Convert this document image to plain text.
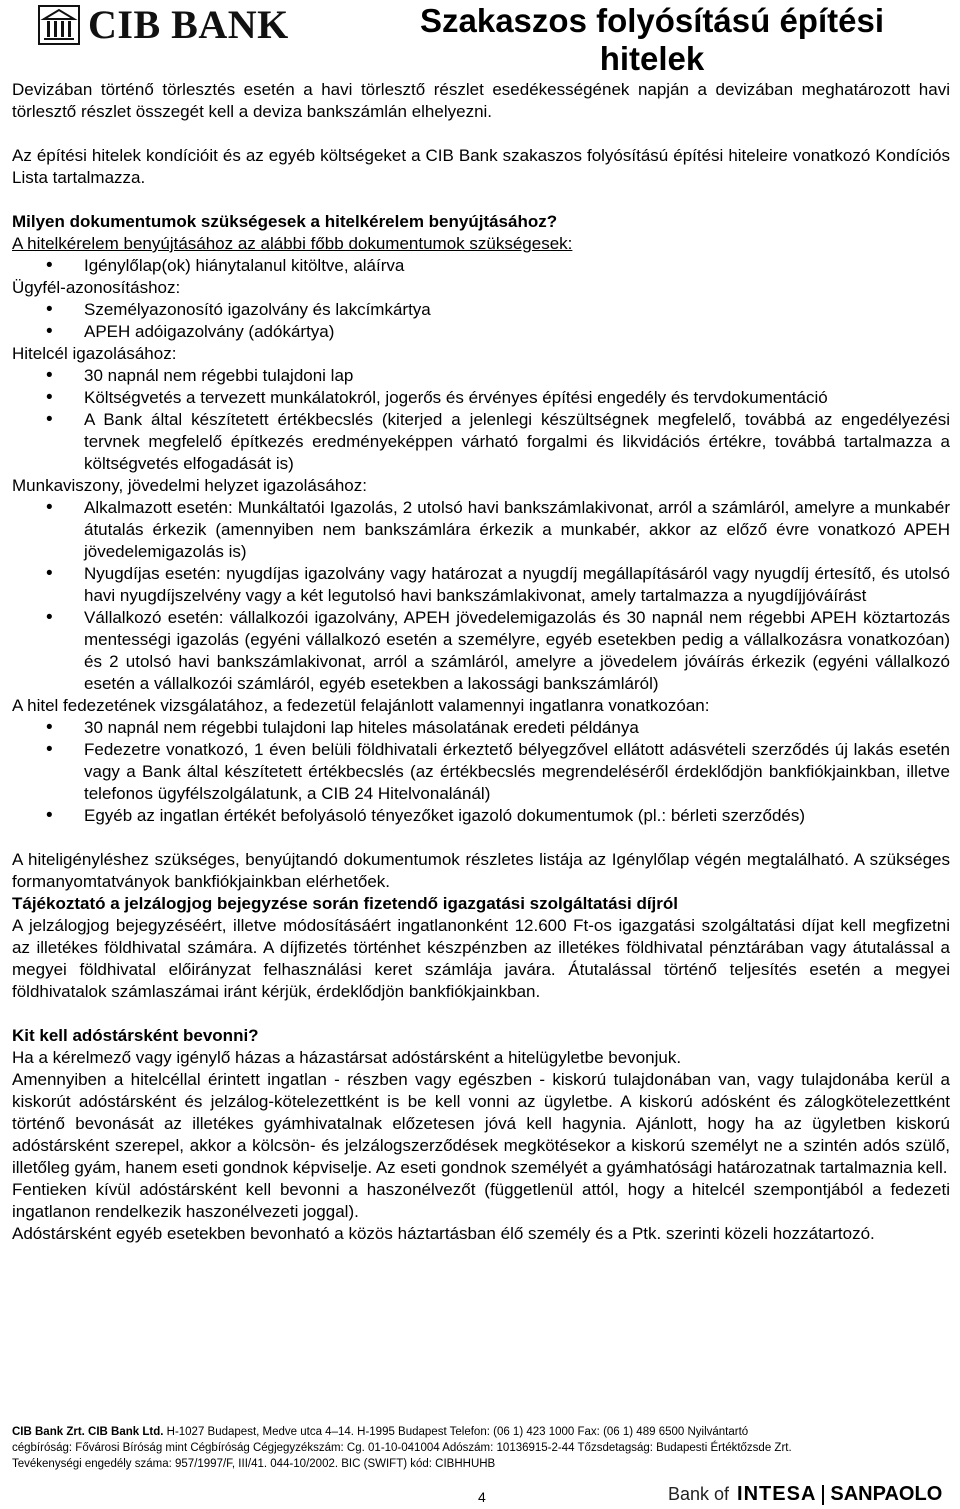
CIB BANK	Szakaszos folyósítású építési
hitelek

Devizában történő törlesztés esetén a havi törlesztő részlet esedékességének napján a devizában meghatározott havi törlesztő részlet összegét kell a deviza bankszámlán elhelyezni.

Az építési hitelek kondícióit és az egyéb költségeket a CIB Bank szakaszos folyósítású építési hiteleire vonatkozó Kondíciós Lista tartalmazza.

Milyen dokumentumok szükségesek a hitelkérelem benyújtásához?

A hitelkérelem benyújtásához az alábbi főbb dokumentumok szükségesek:

• Igénylőlap(ok) hiánytalanul kitöltve, aláírva

Ügyfél-azonosításhoz:

• Személyazonosító igazolvány és lakcímkártya
• APEH adóigazolvány (adókártya)

Hitelcél igazolásához:

• 30 napnál nem régebbi tulajdoni lap
• Költségvetés a tervezett munkálatokról, jogerős és érvényes építési engedély és tervdokumentáció
• A Bank által készítetett értékbecslés (kiterjed a jelenlegi készültségnek megfelelő, továbbá az engedélyezési tervnek megfelelő építkezés eredményeképpen várható forgalmi és likvidációs értékre, továbbá tartalmazza a költségvetés elfogadását is)

Munkaviszony, jövedelmi helyzet igazolásához:

• Alkalmazott esetén: Munkáltatói Igazolás, 2 utolsó havi bankszámlakivonat, arról a számláról, amelyre a munkabér átutalás érkezik (amennyiben nem bankszámlára érkezik a munkabér, akkor az előző évre vonatkozó APEH jövedelemigazolás is)
• Nyugdíjas esetén: nyugdíjas igazolvány vagy határozat a nyugdíj megállapításáról vagy nyugdíj értesítő, és utolsó havi nyugdíjszelvény vagy a két legutolsó havi bankszámlakivonat, amely tartalmazza a nyugdíjjóváírást
• Vállalkozó esetén: vállalkozói igazolvány, APEH jövedelemigazolás és 30 napnál nem régebbi APEH köztartozás mentességi igazolás (egyéni vállalkozó esetén a személyre, egyéb esetekben pedig a vállalkozásra vonatkozóan) és 2 utolsó havi bankszámlakivonat, arról a számláról, amelyre a jövedelem jóváírás érkezik (egyéni vállalkozó esetén a vállalkozói számláról, egyéb esetekben a lakossági bankszámláról)

A hitel fedezetének vizsgálatához, a fedezetül felajánlott valamennyi ingatlanra vonatkozóan:

• 30 napnál nem régebbi tulajdoni lap hiteles másolatának eredeti példánya
• Fedezetre vonatkozó, 1 éven belüli földhivatali érkeztető bélyegzővel ellátott adásvételi szerződés új lakás esetén vagy a Bank által készítetett értékbecslés (az értékbecslés megrendeléséről érdeklődjön bankfiókjainkban, illetve telefonos ügyfélszolgálatunk, a CIB 24 Hitelvonalánál)
• Egyéb az ingatlan értékét befolyásoló tényezőket igazoló dokumentumok (pl.: bérleti szerződés)

A hiteligényléshez szükséges, benyújtandó dokumentumok részletes listája az Igénylőlap végén megtalálható. A szükséges formanyomtatványok bankfiókjainkban elérhetőek.

Tájékoztató a jelzálogjog bejegyzése során fizetendő igazgatási szolgáltatási díjról

A jelzálogjog bejegyzéséért, illetve módosításáért ingatlanonként 12.600 Ft-os igazgatási szolgáltatási díjat kell megfizetni az illetékes földhivatal számára. A díjfizetés történhet készpénzben az illetékes földhivatal pénztárában vagy átutalással a megyei földhivatal előirányzat felhasználási keret számlája javára. Átutalással történő teljesítés esetén a megyei földhivatalok számlaszámai iránt kérjük, érdeklődjön bankfiókjainkban.

Kit kell adóstársként bevonni?

Ha a kérelmező vagy igénylő házas a házastársat adóstársként a hitelügyletbe bevonjuk.

Amennyiben a hitelcéllal érintett ingatlan - részben vagy egészben - kiskorú tulajdonában van, vagy tulajdonába kerül a kiskorút adóstársként és jelzálog-kötelezettként is be kell vonni az ügyletbe. A kiskorú adósként és zálogkötelezettként történő bevonását az illetékes gyámhivatalnak előzetesen jóvá kell hagynia. Ajánlott, hogy ha az ügyletben kiskorú adóstársként szerepel, akkor a kölcsön- és jelzálogszerződések megkötésekor a kiskorú személyt ne a szintén adós szülő, illetőleg gyám, hanem eseti gondnok képviselje. Az eseti gondnok személyét a gyámhatósági határozatnak tartalmaznia kell.

Fentieken kívül adóstársként kell bevonni a haszonélvezőt (függetlenül attól, hogy a hitelcél szempontjából a fedezeti ingatlanon rendelkezik haszonélvezeti joggal).

Adóstársként egyéb esetekben bevonható a közös háztartásban élő személy és a Ptk. szerinti közeli hozzátartozó.

CIB Bank Zrt. CIB Bank Ltd. H-1027 Budapest, Medve utca 4–14. H-1995 Budapest Telefon: (06 1) 423 1000 Fax: (06 1) 489 6500 Nyilvántartó
cégbíróság: Fővárosi Bíróság mint Cégbíróság Cégjegyzékszám: Cg. 01-10-041004 Adószám: 10136915-2-44 Tőzsdetagság: Budapesti Értéktőzsde Zrt.
Tevékenységi engedély száma: 957/1997/F, III/41. 044-10/2002. BIC (SWIFT) kód: CIBHHUHB
4	Bank of INTESA SANPAOLO
